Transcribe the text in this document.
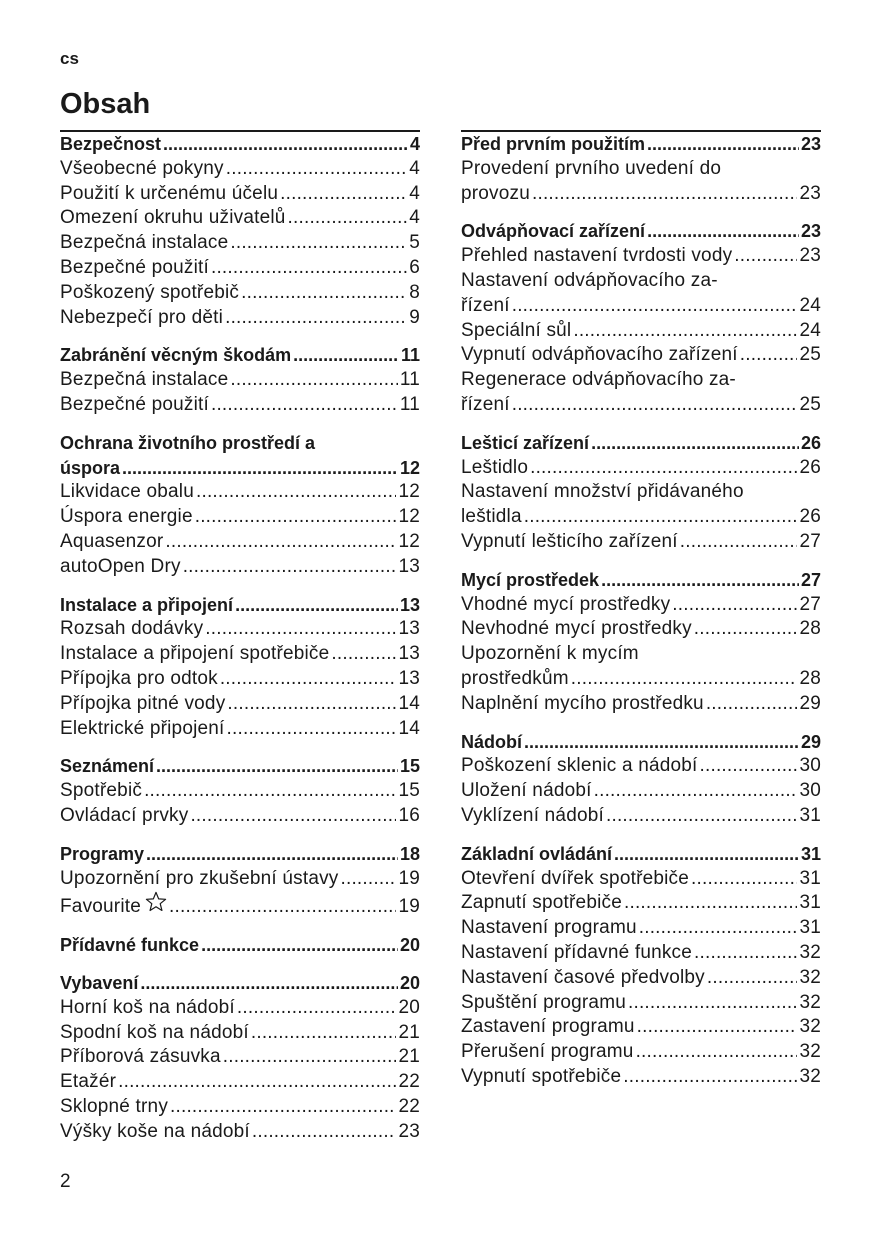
cs
Obsah
Bezpečnost .....	4
Všeobecné pokyny .....	4
Použití k určenému účelu .....	4
Omezení okruhu uživatelů .....	4
Bezpečná instalace .....	5
Bezpečné použití .....	6
Poškozený spotřebič .....	8
Nebezpečí pro děti .....	9
Zabránění věcným škodám .....	11
Bezpečná instalace .....	11
Bezpečné použití .....	11
Ochrana životního prostředí a
úspora .....	12
Likvidace obalu .....	12
Úspora energie .....	12
Aquasenzor .....	12
autoOpen Dry .....	13
Instalace a připojení .....	13
Rozsah dodávky .....	13
Instalace a připojení spotřebiče .....	13
Přípojka pro odtok .....	13
Přípojka pitné vody .....	14
Elektrické připojení .....	14
Seznámení .....	15
Spotřebič .....	15
Ovládací prvky .....	16
Programy .....	18
Upozornění pro zkušební ústavy .....	19
Favourite .....	19
Přídavné funkce .....	20
Vybavení .....	20
Horní koš na nádobí .....	20
Spodní koš na nádobí .....	21
Příborová zásuvka .....	21
Etažér .....	22
Sklopné trny .....	22
Výšky koše na nádobí .....	23
Před prvním použitím .....	23
Provedení prvního uvedení do
provozu .....	23
Odvápňovací zařízení .....	23
Přehled nastavení tvrdosti vody .....	23
Nastavení odvápňovacího za-
řízení .....	24
Speciální sůl .....	24
Vypnutí odvápňovacího zařízení .....	25
Regenerace odvápňovacího za-
řízení .....	25
Lešticí zařízení .....	26
Leštidlo .....	26
Nastavení množství přidávaného
leštidla .....	26
Vypnutí lešticího zařízení .....	27
Mycí prostředek .....	27
Vhodné mycí prostředky .....	27
Nevhodné mycí prostředky .....	28
Upozornění k mycím
prostředkům .....	28
Naplnění mycího prostředku .....	29
Nádobí .....	29
Poškození sklenic a nádobí .....	30
Uložení nádobí .....	30
Vyklízení nádobí .....	31
Základní ovládání .....	31
Otevření dvířek spotřebiče .....	31
Zapnutí spotřebiče .....	31
Nastavení programu .....	31
Nastavení přídavné funkce .....	32
Nastavení časové předvolby .....	32
Spuštění programu .....	32
Zastavení programu .....	32
Přerušení programu .....	32
Vypnutí spotřebiče .....	32
2
